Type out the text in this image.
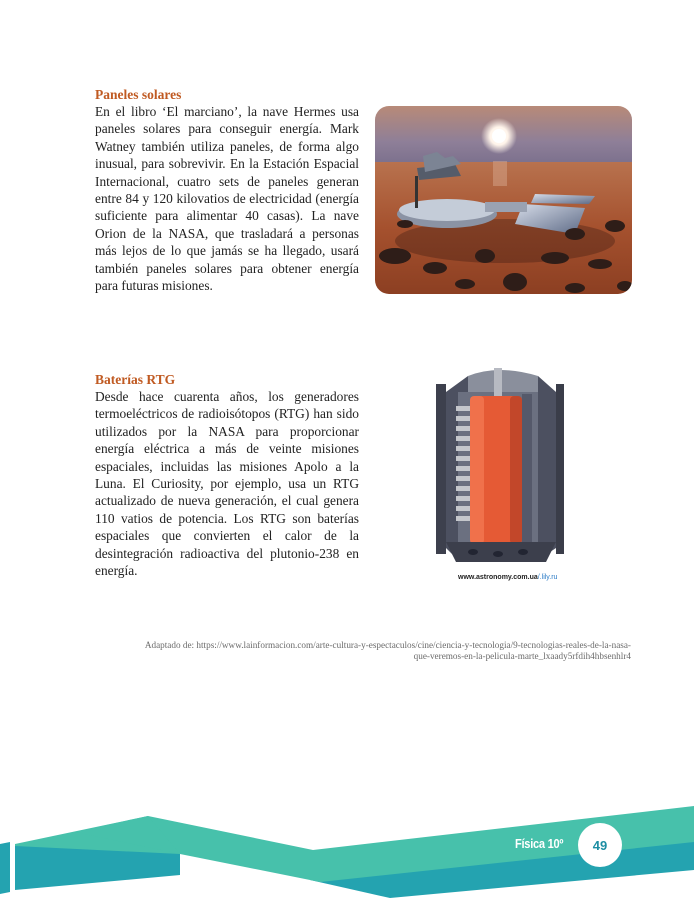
Paneles solares

En el libro ‘El marciano’, la nave Hermes usa paneles solares para conseguir energía. Mark Watney también utiliza paneles, de forma algo inusual, para sobrevivir. En la Estación Espacial Internacional, cuatro sets de paneles generan entre 84 y 120 kilovatios de electricidad (energía suficiente para alimentar 40 casas). La nave Orion de la NASA, que trasladará a personas más lejos de lo que jamás se ha llegado, usará también paneles solares para obtener energía para futuras misiones.

Baterías RTG

Desde hace cuarenta años, los generadores termoeléctricos de radioisótopos (RTG) han sido utilizados por la NASA para proporcionar energía eléctrica a más de veinte misiones espaciales, incluidas las misiones Apolo a la Luna. El Curiosity, por ejemplo, usa un RTG actualizado de nueva generación, el cual genera 110 vatios de potencia. Los RTG son baterías espaciales que convierten el calor de la desintegración radioactiva del plutonio-238 en energía.	www.astronomy.com.ua/.lily.ru
Adaptado de: https://www.lainformacion.com/arte-cultura-y-espectaculos/cine/ciencia-y-tecnologia/9-tecnologias-reales-de-la-nasa-
que-veremos-en-la-pelicula-marte_lxaady5rfdih4hbsenhlr4
Física 10º 49
